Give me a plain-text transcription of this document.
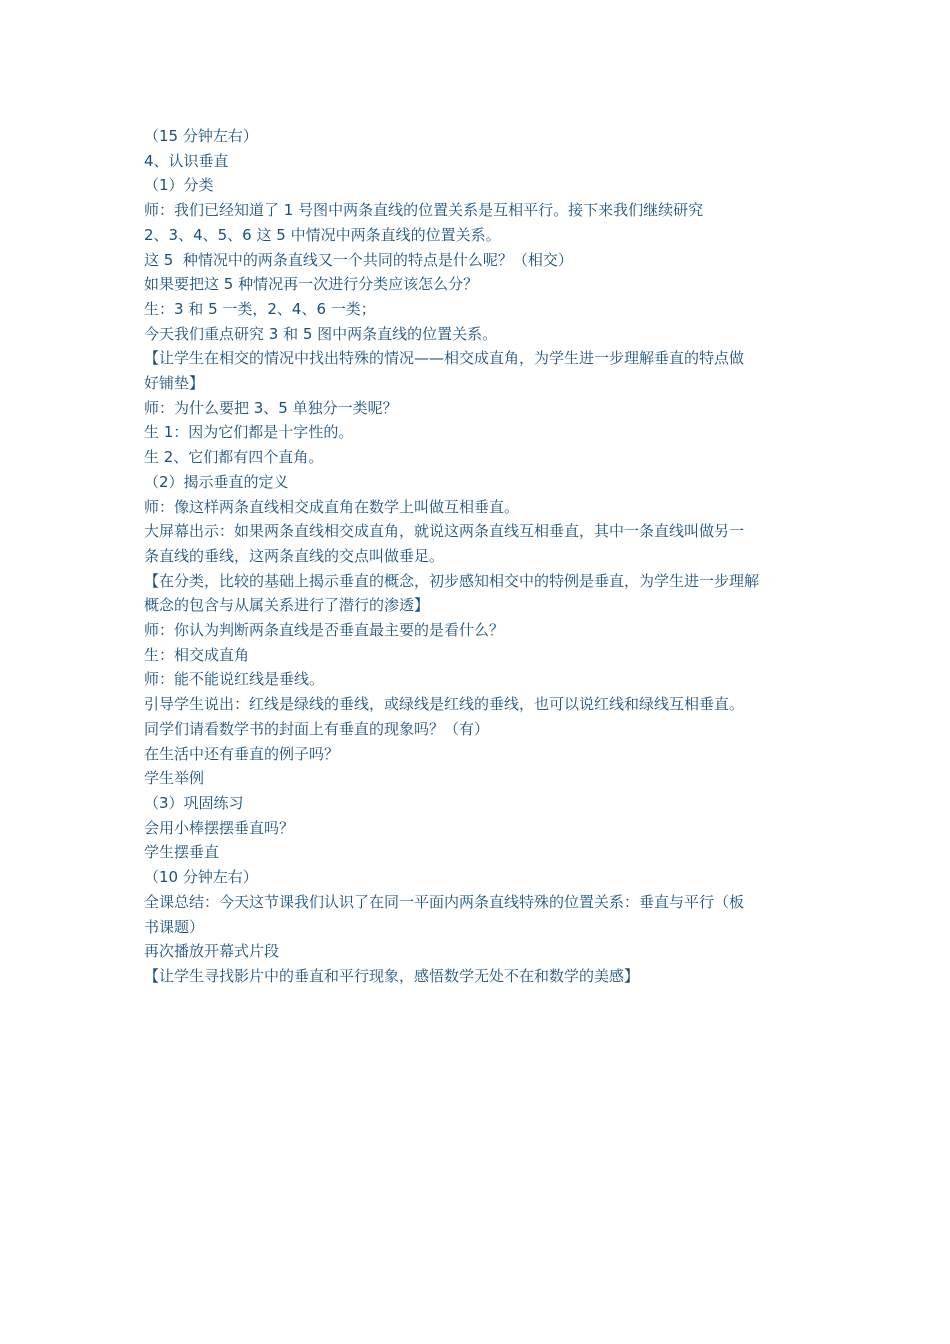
（15 分钟左右）
4、认识垂直
（1）分类
师：我们已经知道了 1 号图中两条直线的位置关系是互相平行。接下来我们继续研究
2、3、4、5、6 这 5 中情况中两条直线的位置关系。
这 5  种情况中的两条直线又一个共同的特点是什么呢？（相交）
如果要把这 5 种情况再一次进行分类应该怎么分？
生：3 和 5 一类，2、4、6 一类；
今天我们重点研究 3 和 5 图中两条直线的位置关系。
【让学生在相交的情况中找出特殊的情况——相交成直角，为学生进一步理解垂直的特点做
好铺垫】
师：为什么要把 3、5 单独分一类呢？
生 1：因为它们都是十字性的。
生 2、它们都有四个直角。
（2）揭示垂直的定义
师：像这样两条直线相交成直角在数学上叫做互相垂直。
大屏幕出示：如果两条直线相交成直角，就说这两条直线互相垂直，其中一条直线叫做另一
条直线的垂线，这两条直线的交点叫做垂足。
【在分类，比较的基础上揭示垂直的概念，初步感知相交中的特例是垂直，为学生进一步理解
概念的包含与从属关系进行了潜行的渗透】
师：你认为判断两条直线是否垂直最主要的是看什么？
生：相交成直角
师：能不能说红线是垂线。
引导学生说出：红线是绿线的垂线，或绿线是红线的垂线，也可以说红线和绿线互相垂直。
同学们请看数学书的封面上有垂直的现象吗？（有）
在生活中还有垂直的例子吗？
学生举例
（3）巩固练习
会用小棒摆摆垂直吗？
学生摆垂直
（10 分钟左右）
全课总结：今天这节课我们认识了在同一平面内两条直线特殊的位置关系：垂直与平行（板
书课题）
再次播放开幕式片段
【让学生寻找影片中的垂直和平行现象，感悟数学无处不在和数学的美感】
